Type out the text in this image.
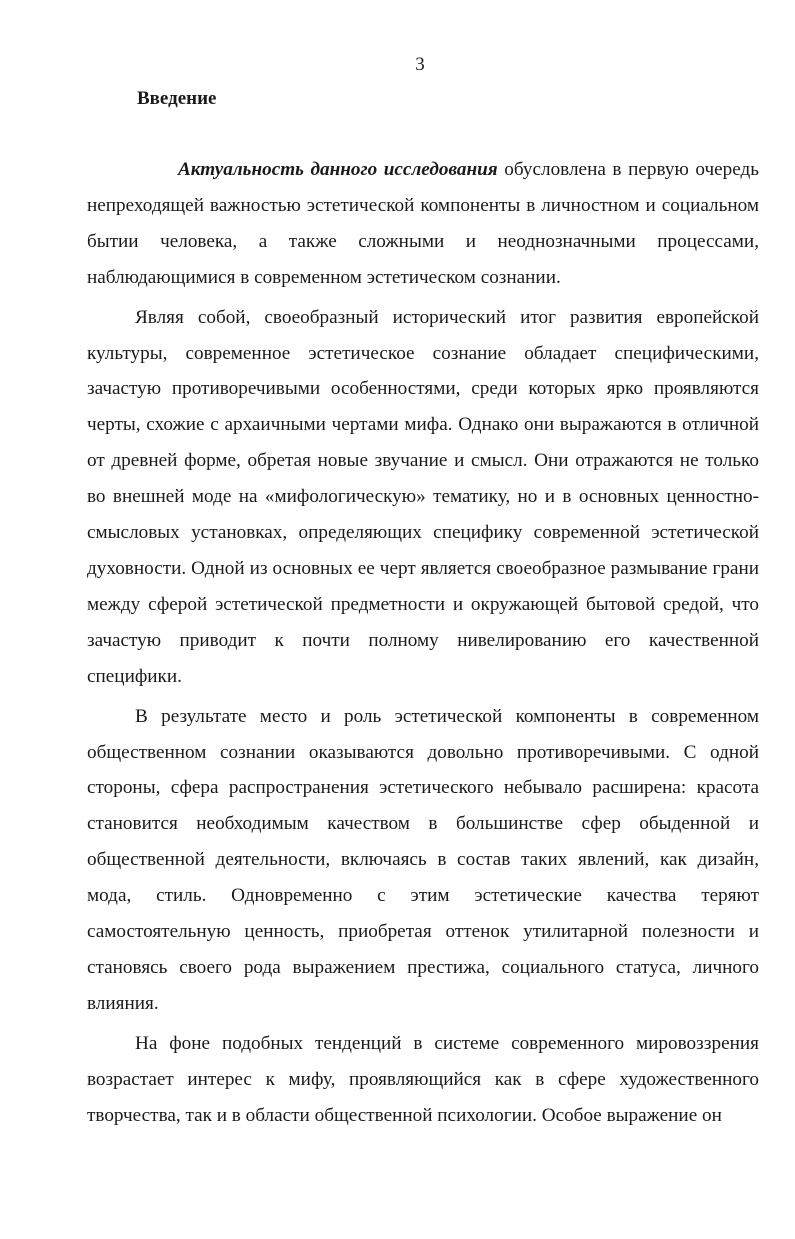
3
Введение

Актуальность данного исследования обусловлена в первую очередь непреходящей важностью эстетической компоненты в личностном и социальном бытии человека, а также сложными и неоднозначными процессами, наблюдающимися в современном эстетическом сознании.

Являя собой, своеобразный исторический итог развития европейской культуры, современное эстетическое сознание обладает специфическими, зачастую противоречивыми особенностями, среди которых ярко проявляются черты, схожие с архаичными чертами мифа. Однако они выражаются в отличной от древней форме, обретая новые звучание и смысл. Они отражаются не только во внешней моде на «мифологическую» тематику, но и в основных ценностно-смысловых установках, определяющих специфику современной эстетической духовности. Одной из основных ее черт является своеобразное размывание грани между сферой эстетической предметности и окружающей бытовой средой, что зачастую приводит к почти полному нивелированию его качественной специфики.

В результате место и роль эстетической компоненты в современном общественном сознании оказываются довольно противоречивыми. С одной стороны, сфера распространения эстетического небывало расширена: красота становится необходимым качеством в большинстве сфер обыденной и общественной деятельности, включаясь в состав таких явлений, как дизайн, мода, стиль. Одновременно с этим эстетические качества теряют самостоятельную ценность, приобретая оттенок утилитарной полезности и становясь своего рода выражением престижа, социального статуса, личного влияния.

На фоне подобных тенденций в системе современного мировоззрения возрастает интерес к мифу, проявляющийся как в сфере художественного творчества, так и в области общественной психологии. Особое выражение он
